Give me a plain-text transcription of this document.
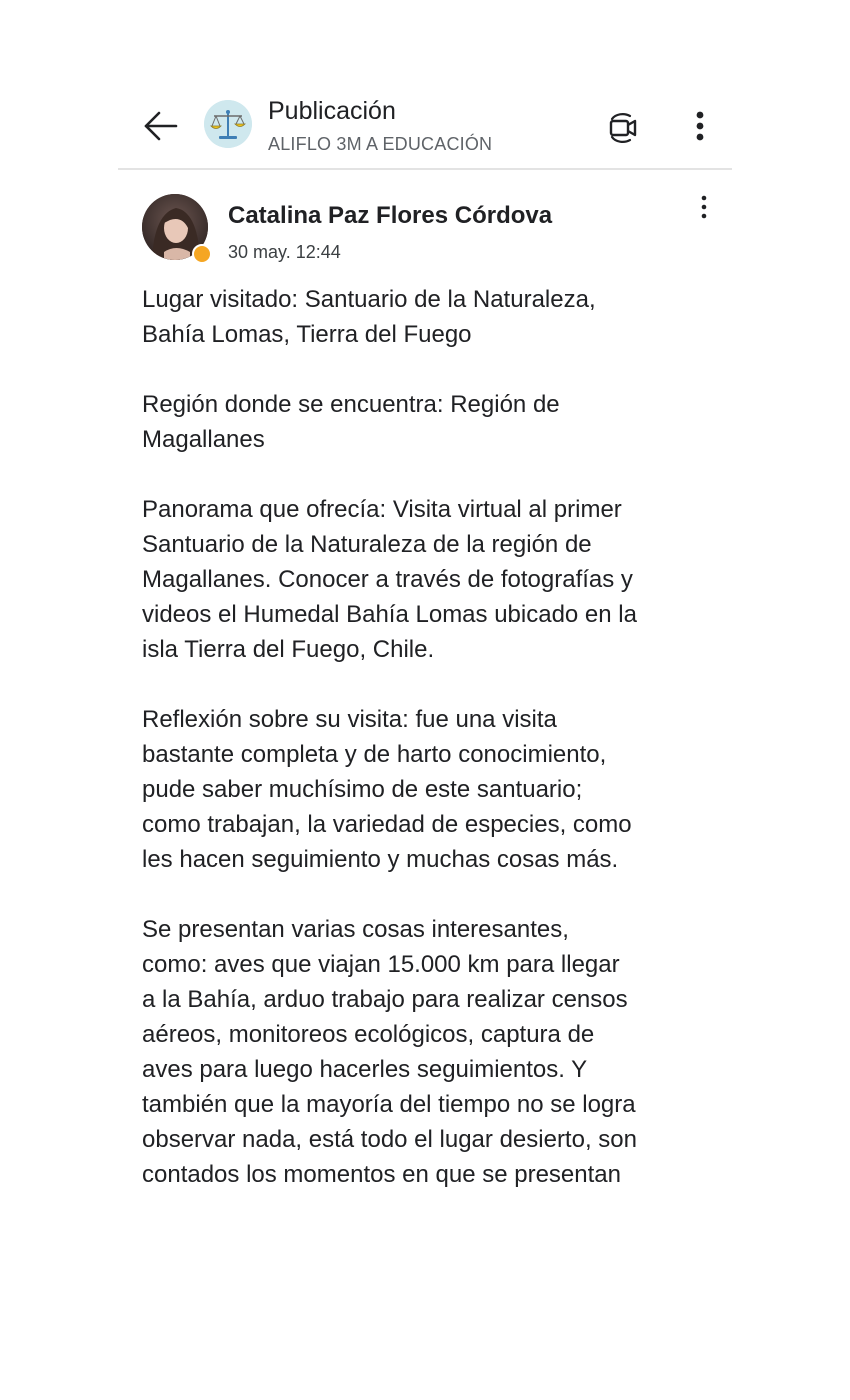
Publicación
ALIFLO 3M A EDUCACIÓN
Catalina Paz Flores Córdova
30 may. 12:44

Lugar visitado: Santuario de la Naturaleza,
Bahía Lomas, Tierra del Fuego

Región donde se encuentra: Región de
Magallanes

Panorama que ofrecía: Visita virtual al primer
Santuario de la Naturaleza de la región de
Magallanes. Conocer a través de fotografías y
videos el Humedal Bahía Lomas ubicado en la
isla Tierra del Fuego, Chile.

Reflexión sobre su visita: fue una visita
bastante completa y de harto conocimiento,
pude saber muchísimo de este santuario;
como trabajan, la variedad de especies, como
les hacen seguimiento y muchas cosas más.

Se presentan varias cosas interesantes,
como: aves que viajan 15.000 km para llegar
a la Bahía, arduo trabajo para realizar censos
aéreos, monitoreos ecológicos, captura de
aves para luego hacerles seguimientos. Y
también que la mayoría del tiempo no se logra
observar nada, está todo el lugar desierto, son
contados los momentos en que se presentan
